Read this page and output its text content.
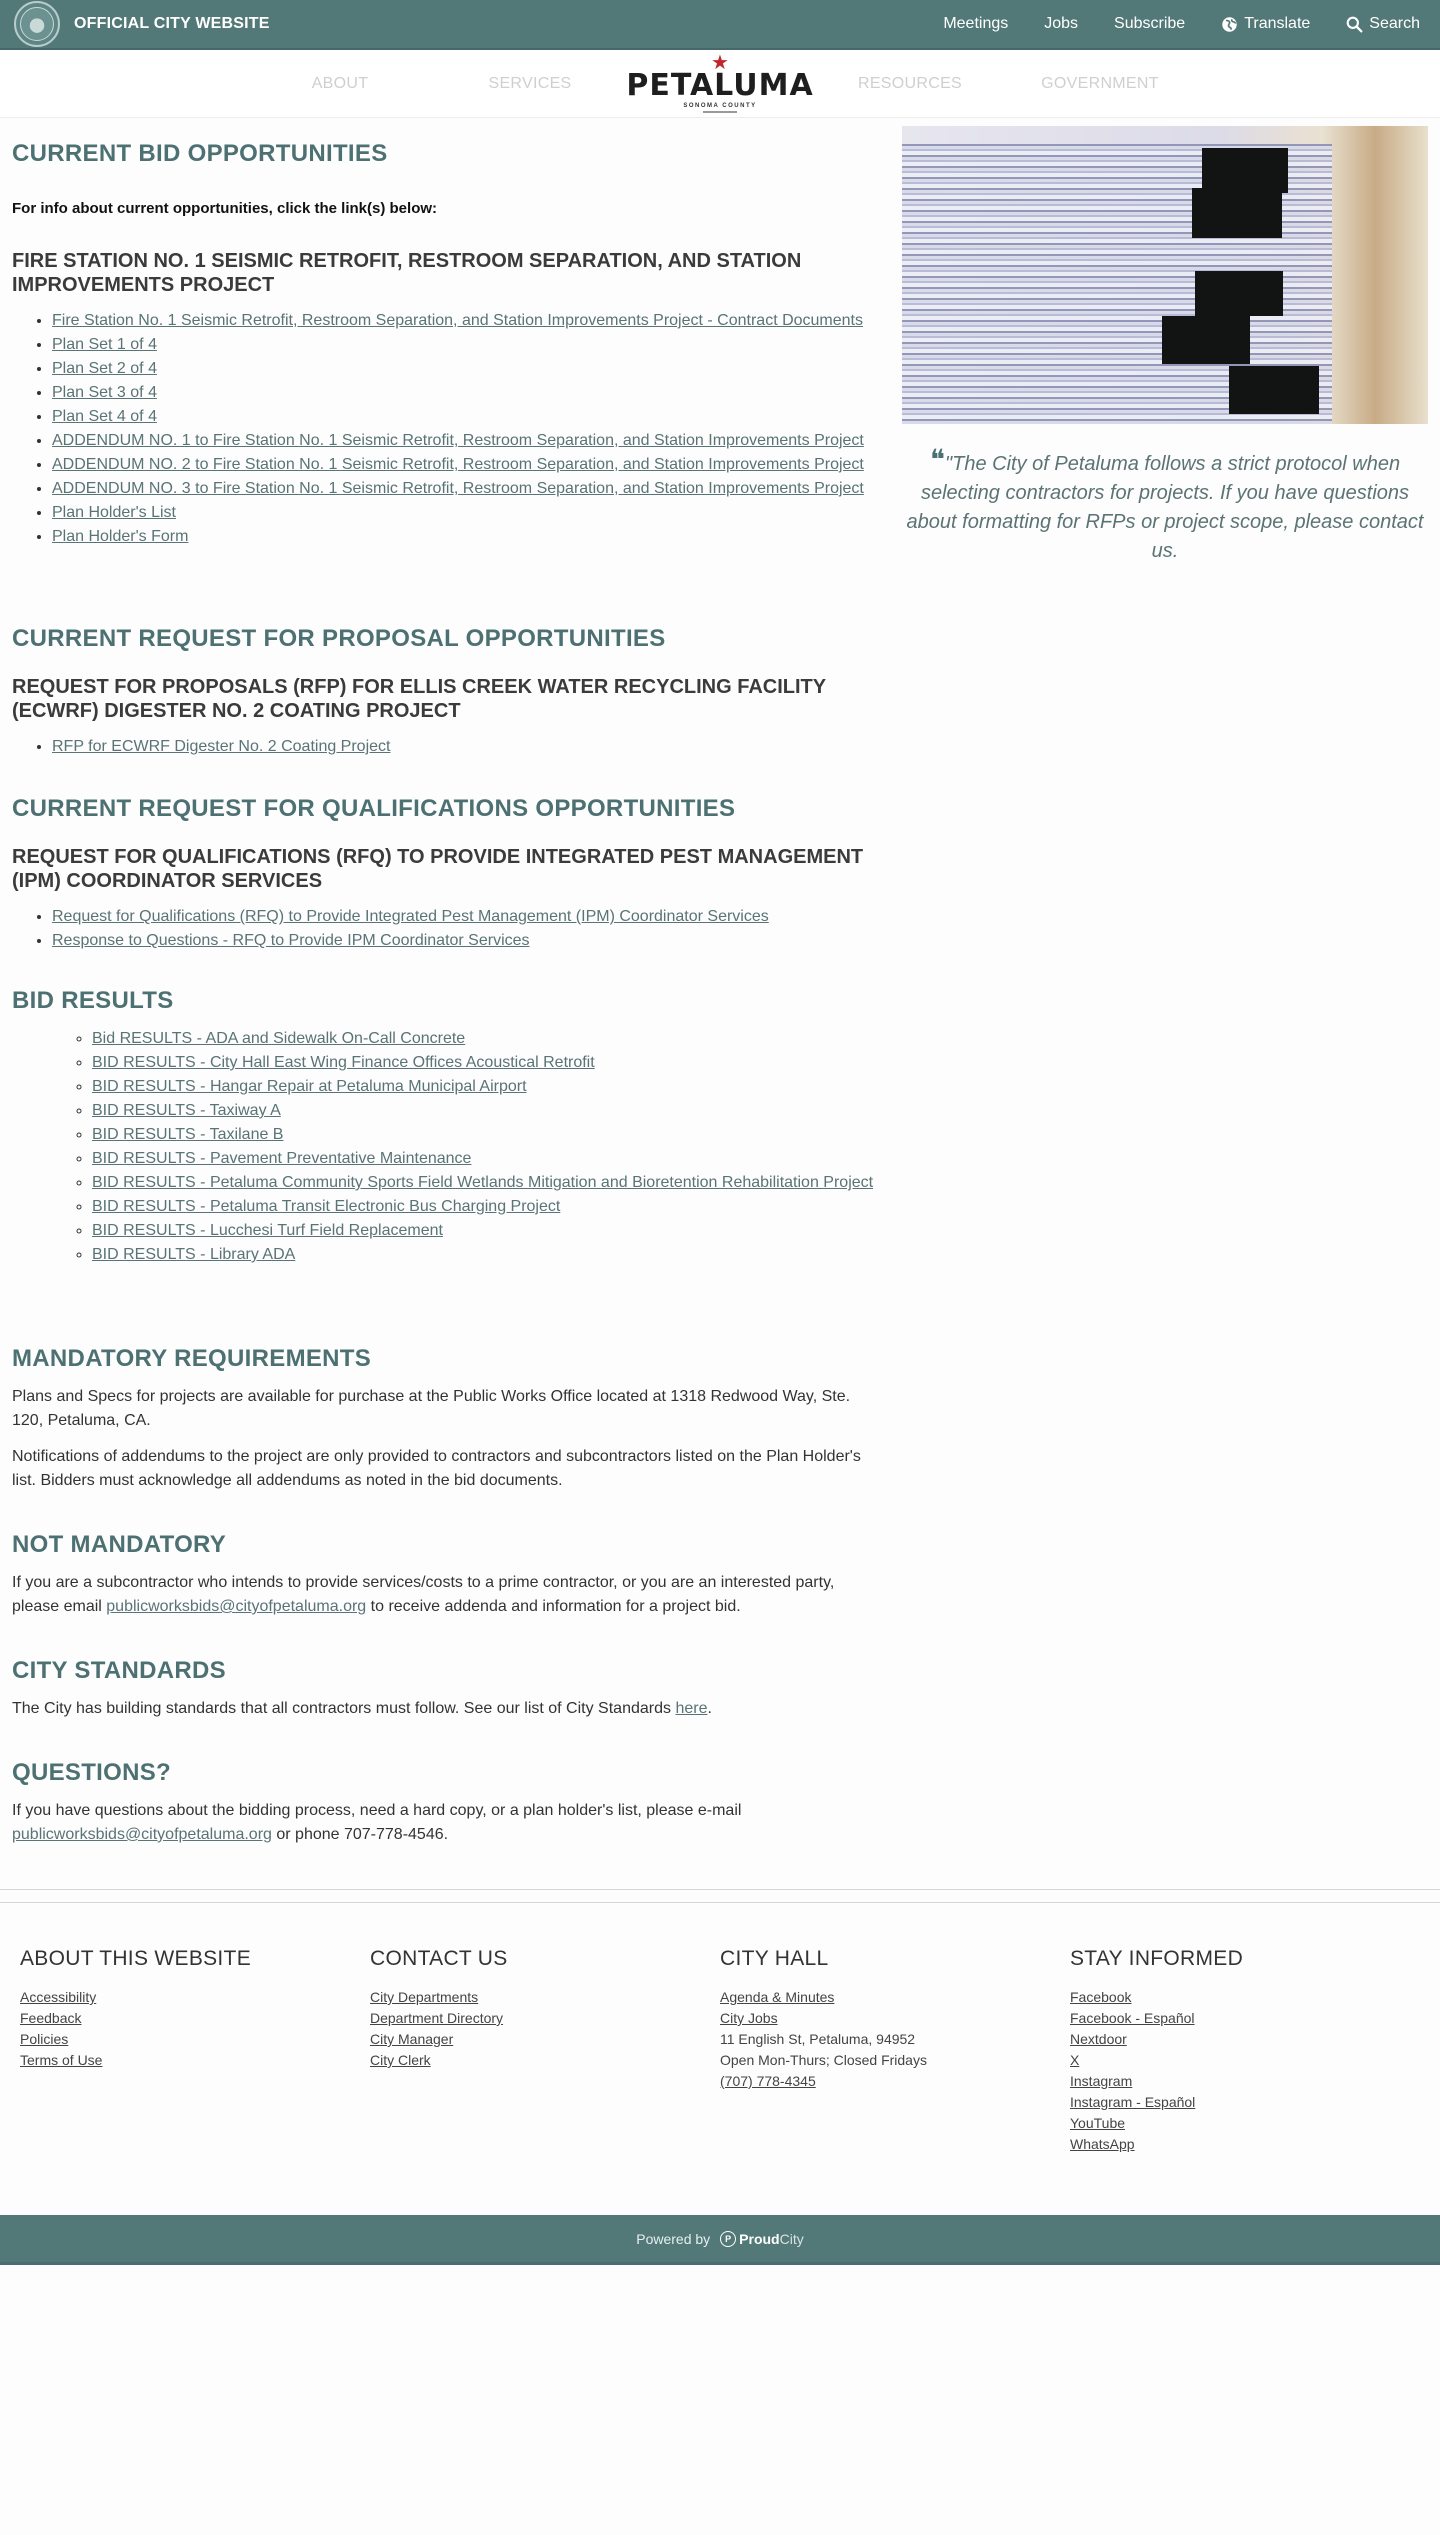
OFFICIAL CITY WEBSITE	Meetings Jobs Subscribe	Translate	Search
ABOUT	SERVICES
★
PETALUMA
SONOMA COUNTY
RESOURCES	GOVERNMENT
CURRENT BID OPPORTUNITIES

For info about current opportunities, click the link(s) below:

FIRE STATION NO. 1 SEISMIC RETROFIT, RESTROOM SEPARATION, AND STATION IMPROVEMENTS PROJECT
• Fire Station No. 1 Seismic Retrofit, Restroom Separation, and Station Improvements Project - Contract Documents
• Plan Set 1 of 4
• Plan Set 2 of 4
• Plan Set 3 of 4
• Plan Set 4 of 4
• ADDENDUM NO. 1 to Fire Station No. 1 Seismic Retrofit, Restroom Separation, and Station Improvements Project
• ADDENDUM NO. 2 to Fire Station No. 1 Seismic Retrofit, Restroom Separation, and Station Improvements Project
• ADDENDUM NO. 3 to Fire Station No. 1 Seismic Retrofit, Restroom Separation, and Station Improvements Project
• Plan Holder's List
• Plan Holder's Form
CURRENT REQUEST FOR PROPOSAL OPPORTUNITIES
REQUEST FOR PROPOSALS (RFP) FOR ELLIS CREEK WATER RECYCLING FACILITY (ECWRF) DIGESTER NO. 2 COATING PROJECT
• RFP for ECWRF Digester No. 2 Coating Project
CURRENT REQUEST FOR QUALIFICATIONS OPPORTUNITIES
REQUEST FOR QUALIFICATIONS (RFQ) TO PROVIDE INTEGRATED PEST MANAGEMENT (IPM) COORDINATOR SERVICES
• Request for Qualifications (RFQ) to Provide Integrated Pest Management (IPM) Coordinator Services
• Response to Questions - RFQ to Provide IPM Coordinator Services
BID RESULTS
◦ Bid RESULTS - ADA and Sidewalk On-Call Concrete
◦ BID RESULTS - City Hall East Wing Finance Offices Acoustical Retrofit
◦ BID RESULTS - Hangar Repair at Petaluma Municipal Airport
◦ BID RESULTS - Taxiway A
◦ BID RESULTS - Taxilane B
◦ BID RESULTS - Pavement Preventative Maintenance
◦ BID RESULTS - Petaluma Community Sports Field Wetlands Mitigation and Bioretention Rehabilitation Project
◦ BID RESULTS - Petaluma Transit Electronic Bus Charging Project
◦ BID RESULTS - Lucchesi Turf Field Replacement
◦ BID RESULTS - Library ADA
MANDATORY REQUIREMENTS

Plans and Specs for projects are available for purchase at the Public Works Office located at 1318 Redwood Way, Ste. 120, Petaluma, CA.

Notifications of addendums to the project are only provided to contractors and subcontractors listed on the Plan Holder's list. Bidders must acknowledge all addendums as noted in the bid documents.

NOT MANDATORY

If you are a subcontractor who intends to provide services/costs to a prime contractor, or you are an interested party, please email publicworksbids@cityofpetaluma.org to receive addenda and information for a project bid.

CITY STANDARDS

The City has building standards that all contractors must follow. See our list of City Standards here.

QUESTIONS?

If you have questions about the bidding process, need a hard copy, or a plan holder's list, please e-mail publicworksbids@cityofpetaluma.org or phone 707-778-4546.

❝"The City of Petaluma follows a strict protocol when selecting contractors for projects. If you have questions about formatting for RFPs or project scope, please contact us.
ABOUT THIS WEBSITE
Accessibility
Feedback
Policies
Terms of Use
CONTACT US
City Departments
Department Directory
City Manager
City Clerk
CITY HALL
Agenda & Minutes
City Jobs
11 English St, Petaluma, 94952
Open Mon-Thurs; Closed Fridays
(707) 778-4345
STAY INFORMED
Facebook
Facebook - Español
Nextdoor
X
Instagram
Instagram - Español
YouTube
WhatsApp
Powered by	P ProudCity
